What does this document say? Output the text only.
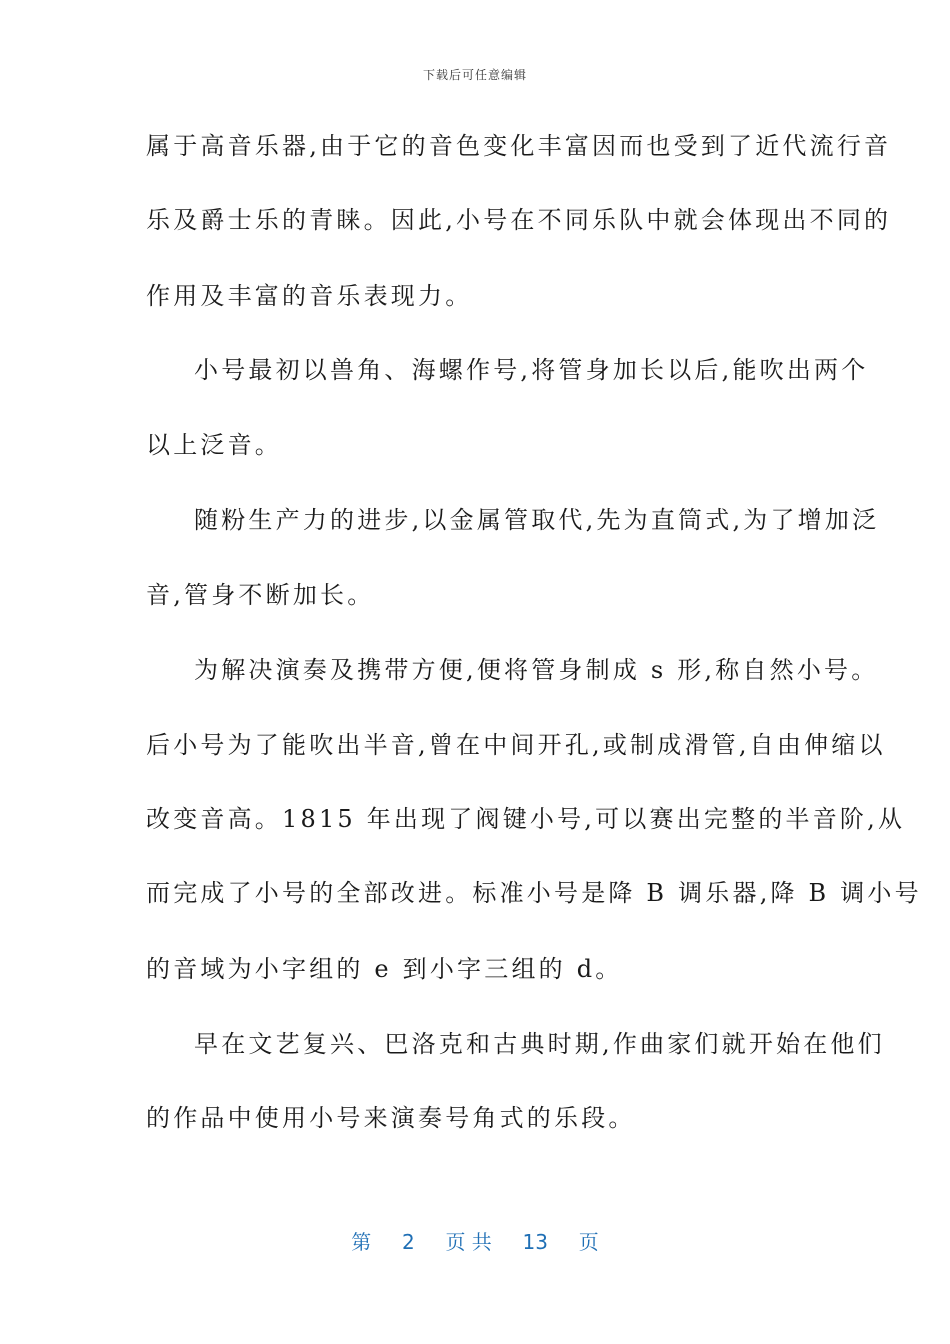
下载后可任意编辑
属于高音乐器,由于它的音色变化丰富因而也受到了近代流行音
乐及爵士乐的青睐。因此,小号在不同乐队中就会体现出不同的
作用及丰富的音乐表现力。
小号最初以兽角、海螺作号,将管身加长以后,能吹出两个
以上泛音。
随粉生产力的进步,以金属管取代,先为直筒式,为了增加泛
音,管身不断加长。
为解决演奏及携带方便,便将管身制成 s 形,称自然小号。
后小号为了能吹出半音,曾在中间开孔,或制成滑管,自由伸缩以
改变音高。1815 年出现了阀键小号,可以赛出完整的半音阶,从
而完成了小号的全部改进。标准小号是降 B 调乐器,降 B 调小号
的音域为小字组的 e 到小字三组的 d。
早在文艺复兴、巴洛克和古典时期,作曲家们就开始在他们
的作品中使用小号来演奏号角式的乐段。
第 2 页 共 13 页
